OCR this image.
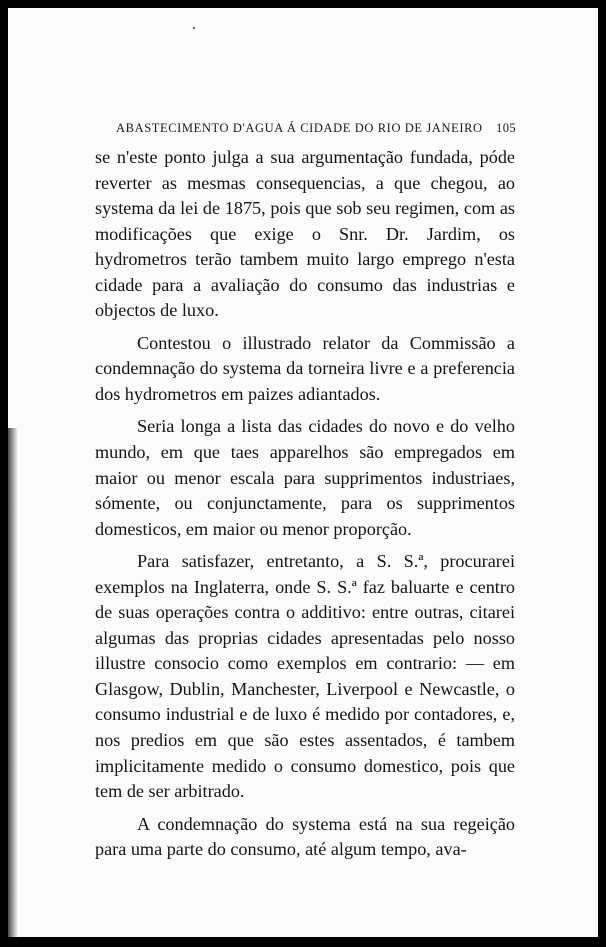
ABASTECIMENTO D'AGUA Á CIDADE DO RIO DE JANEIRO 105

se n'este ponto julga a sua argumentação fundada, póde reverter as mesmas consequencias, a que chegou, ao systema da lei de 1875, pois que sob seu regimen, com as modificações que exige o Snr. Dr. Jardim, os hydrometros terão tambem muito largo emprego n'esta cidade para a avaliação do consumo das industrias e objectos de luxo.

Contestou o illustrado relator da Commissão a condemnação do systema da torneira livre e a preferencia dos hydrometros em paizes adiantados.

Seria longa a lista das cidades do novo e do velho mundo, em que taes apparelhos são empregados em maior ou menor escala para supprimentos industriaes, sómente, ou conjunctamente, para os supprimentos domesticos, em maior ou menor proporção.

Para satisfazer, entretanto, a S. S.ª, procurarei exemplos na Inglaterra, onde S. S.ª faz baluarte e centro de suas operações contra o additivo: entre outras, citarei algumas das proprias cidades apresentadas pelo nosso illustre consocio como exemplos em contrario: — em Glasgow, Dublin, Manchester, Liverpool e Newcastle, o consumo industrial e de luxo é medido por contadores, e, nos predios em que são estes assentados, é tambem implicitamente medido o consumo domestico, pois que tem de ser arbitrado.

A condemnação do systema está na sua regeição para uma parte do consumo, até algum tempo, ava-
